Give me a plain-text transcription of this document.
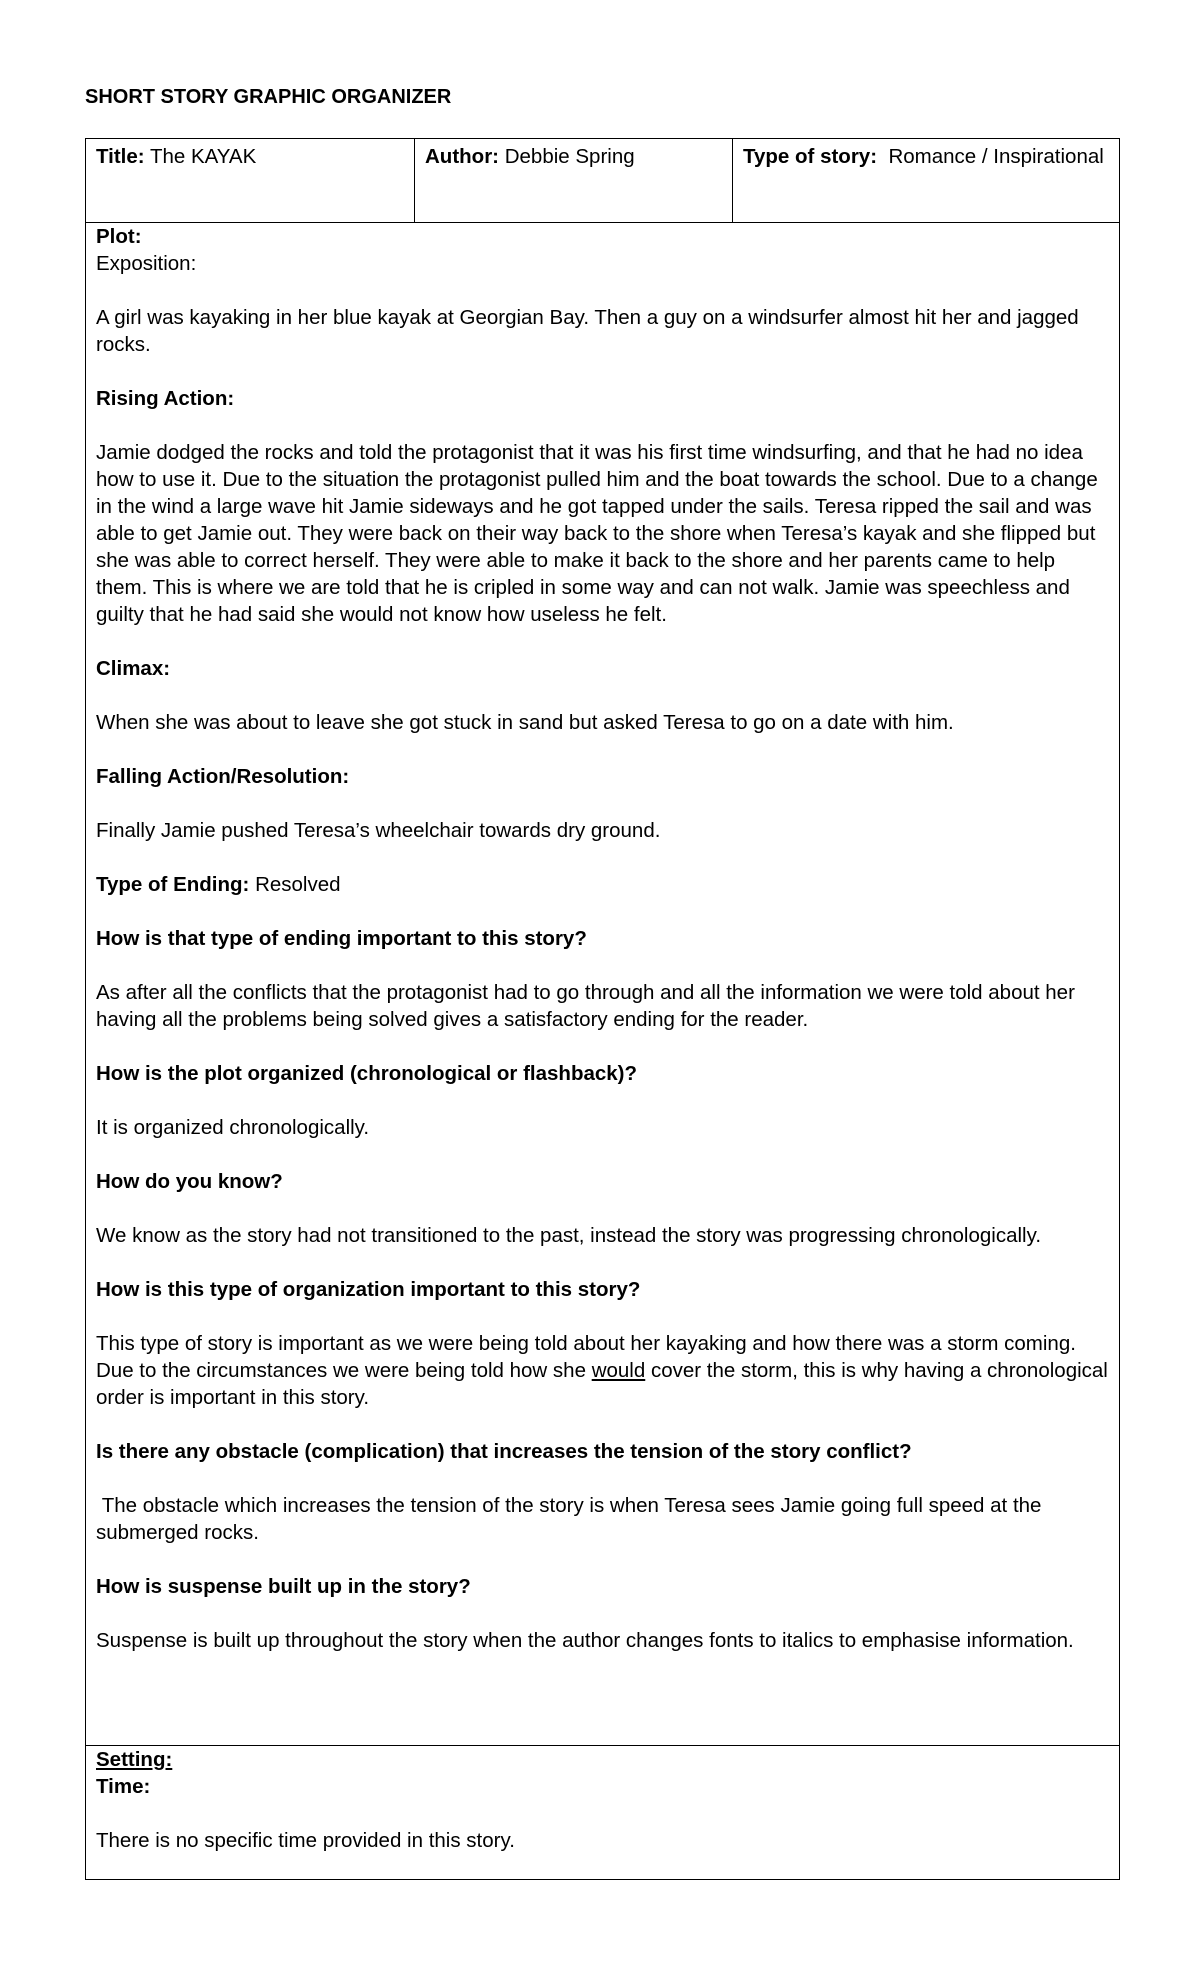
SHORT STORY GRAPHIC ORGANIZER
Title: The KAYAK	Author: Debbie Spring	Type of story: Romance / Inspirational

Plot:

Exposition:

A girl was kayaking in her blue kayak at Georgian Bay. Then a guy on a windsurfer almost hit her and jagged rocks.

Rising Action:

Jamie dodged the rocks and told the protagonist that it was his first time windsurfing, and that he had no idea how to use it. Due to the situation the protagonist pulled him and the boat towards the school. Due to a change in the wind a large wave hit Jamie sideways and he got tapped under the sails. Teresa ripped the sail and was able to get Jamie out. They were back on their way back to the shore when Teresa’s kayak and she flipped but she was able to correct herself. They were able to make it back to the shore and her parents came to help them. This is where we are told that he is cripled in some way and can not walk. Jamie was speechless and guilty that he had said she would not know how useless he felt.

Climax:

When she was about to leave she got stuck in sand but asked Teresa to go on a date with him.

Falling Action/Resolution:

Finally Jamie pushed Teresa’s wheelchair towards dry ground.

Type of Ending: Resolved

How is that type of ending important to this story?

As after all the conflicts that the protagonist had to go through and all the information we were told about her having all the problems being solved gives a satisfactory ending for the reader.

How is the plot organized (chronological or flashback)?

It is organized chronologically.

How do you know?

We know as the story had not transitioned to the past, instead the story was progressing chronologically.

How is this type of organization important to this story?

This type of story is important as we were being told about her kayaking and how there was a storm coming. Due to the circumstances we were being told how she would cover the storm, this is why having a chronological order is important in this story.

Is there any obstacle (complication) that increases the tension of the story conflict?

The obstacle which increases the tension of the story is when Teresa sees Jamie going full speed at the submerged rocks.

How is suspense built up in the story?

Suspense is built up throughout the story when the author changes fonts to italics to emphasise information.

Setting:

Time:

There is no specific time provided in this story.
